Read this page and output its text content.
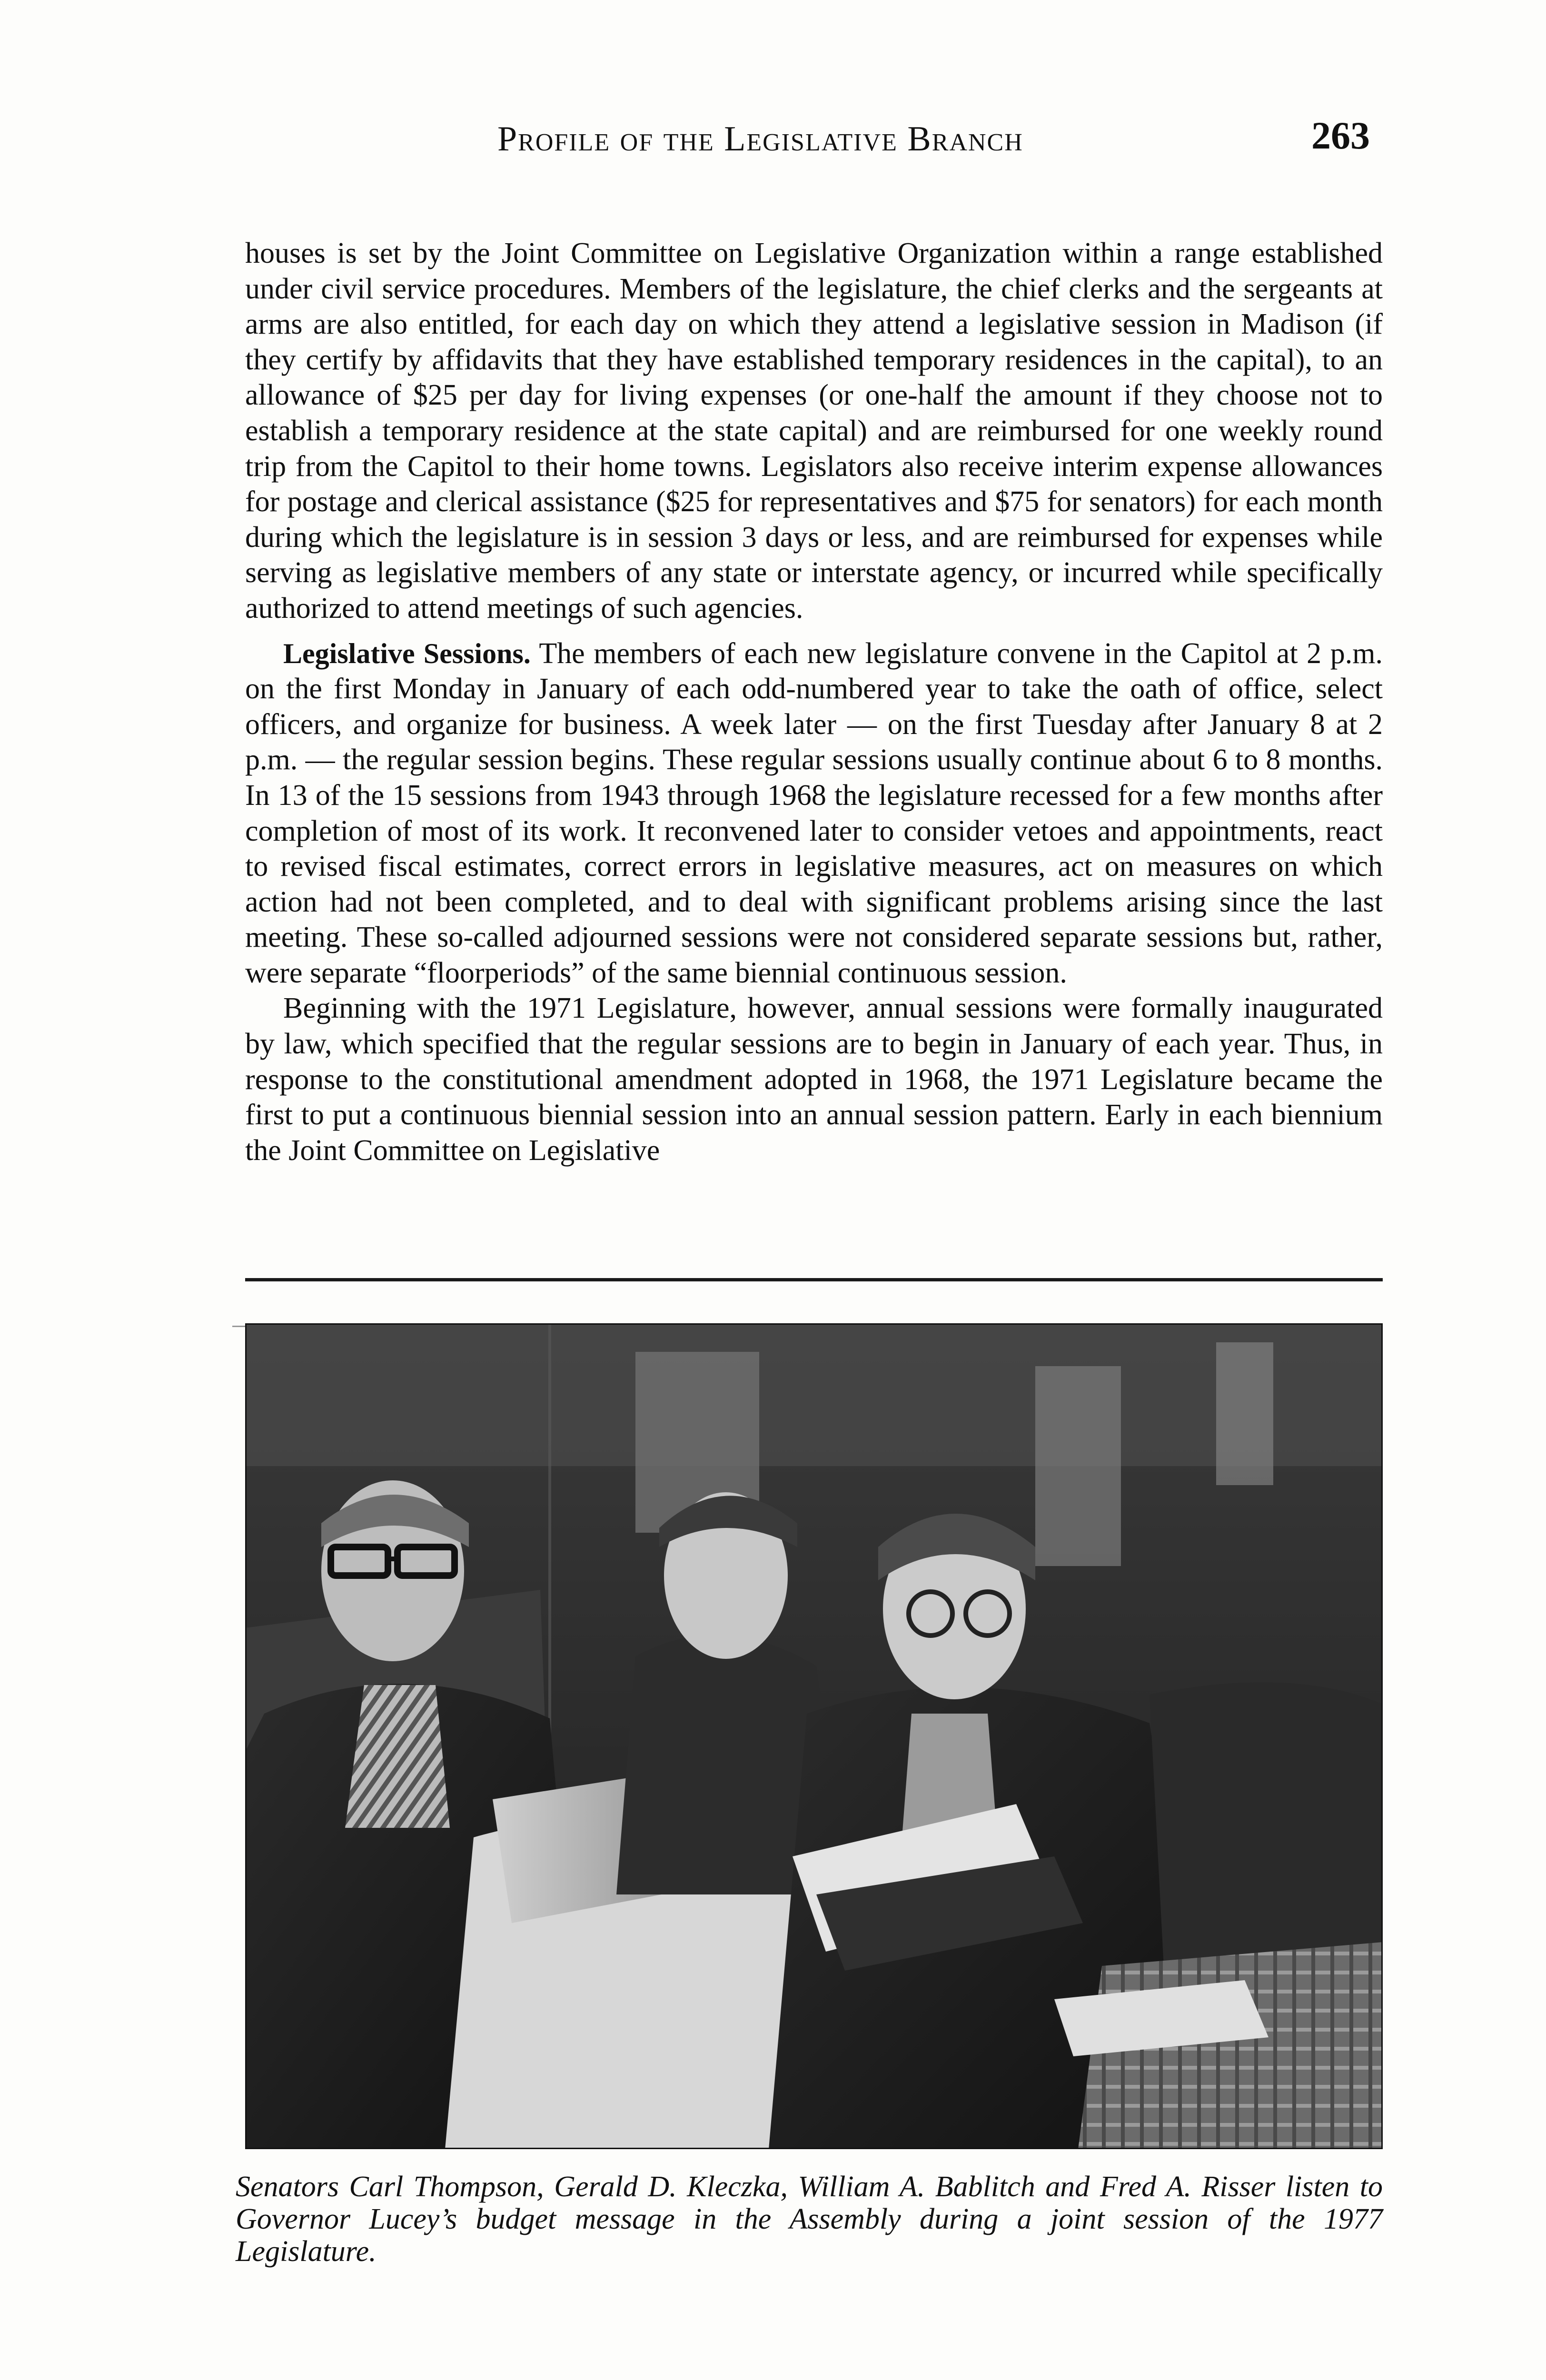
Profile of the Legislative Branch	263

houses is set by the Joint Committee on Legislative Organization within a range established under civil service procedures. Members of the legislature, the chief clerks and the sergeants at arms are also entitled, for each day on which they attend a legislative session in Madison (if they certify by affidavits that they have established temporary residences in the capital), to an allowance of $25 per day for living expenses (or one-half the amount if they choose not to establish a temporary residence at the state capital) and are reimbursed for one weekly round trip from the Capitol to their home towns. Legislators also receive interim expense allowances for postage and clerical assistance ($25 for representatives and $75 for senators) for each month during which the legislature is in session 3 days or less, and are reimbursed for expenses while serving as legislative members of any state or interstate agency, or incurred while specifically authorized to attend meetings of such agencies.

Legislative Sessions. The members of each new legislature convene in the Capitol at 2 p.m. on the first Monday in January of each odd-numbered year to take the oath of office, select officers, and organize for business. A week later — on the first Tuesday after January 8 at 2 p.m. — the regular session begins. These regular sessions usually continue about 6 to 8 months. In 13 of the 15 sessions from 1943 through 1968 the legislature recessed for a few months after completion of most of its work. It reconvened later to consider vetoes and appointments, react to revised fiscal estimates, correct errors in legislative measures, act on measures on which action had not been completed, and to deal with significant problems arising since the last meeting. These so-called adjourned sessions were not considered separate sessions but, rather, were separate “floorperiods” of the same biennial continuous session.

Beginning with the 1971 Legislature, however, annual sessions were formally inaugurated by law, which specified that the regular sessions are to begin in January of each year. Thus, in response to the constitutional amendment adopted in 1968, the 1971 Legislature became the first to put a continuous biennial session into an annual session pattern. Early in each biennium the Joint Committee on Legislative

Senators Carl Thompson, Gerald D. Kleczka, William A. Bablitch and Fred A. Risser listen to Governor Lucey’s budget message in the Assembly during a joint session of the 1977 Legislature.
